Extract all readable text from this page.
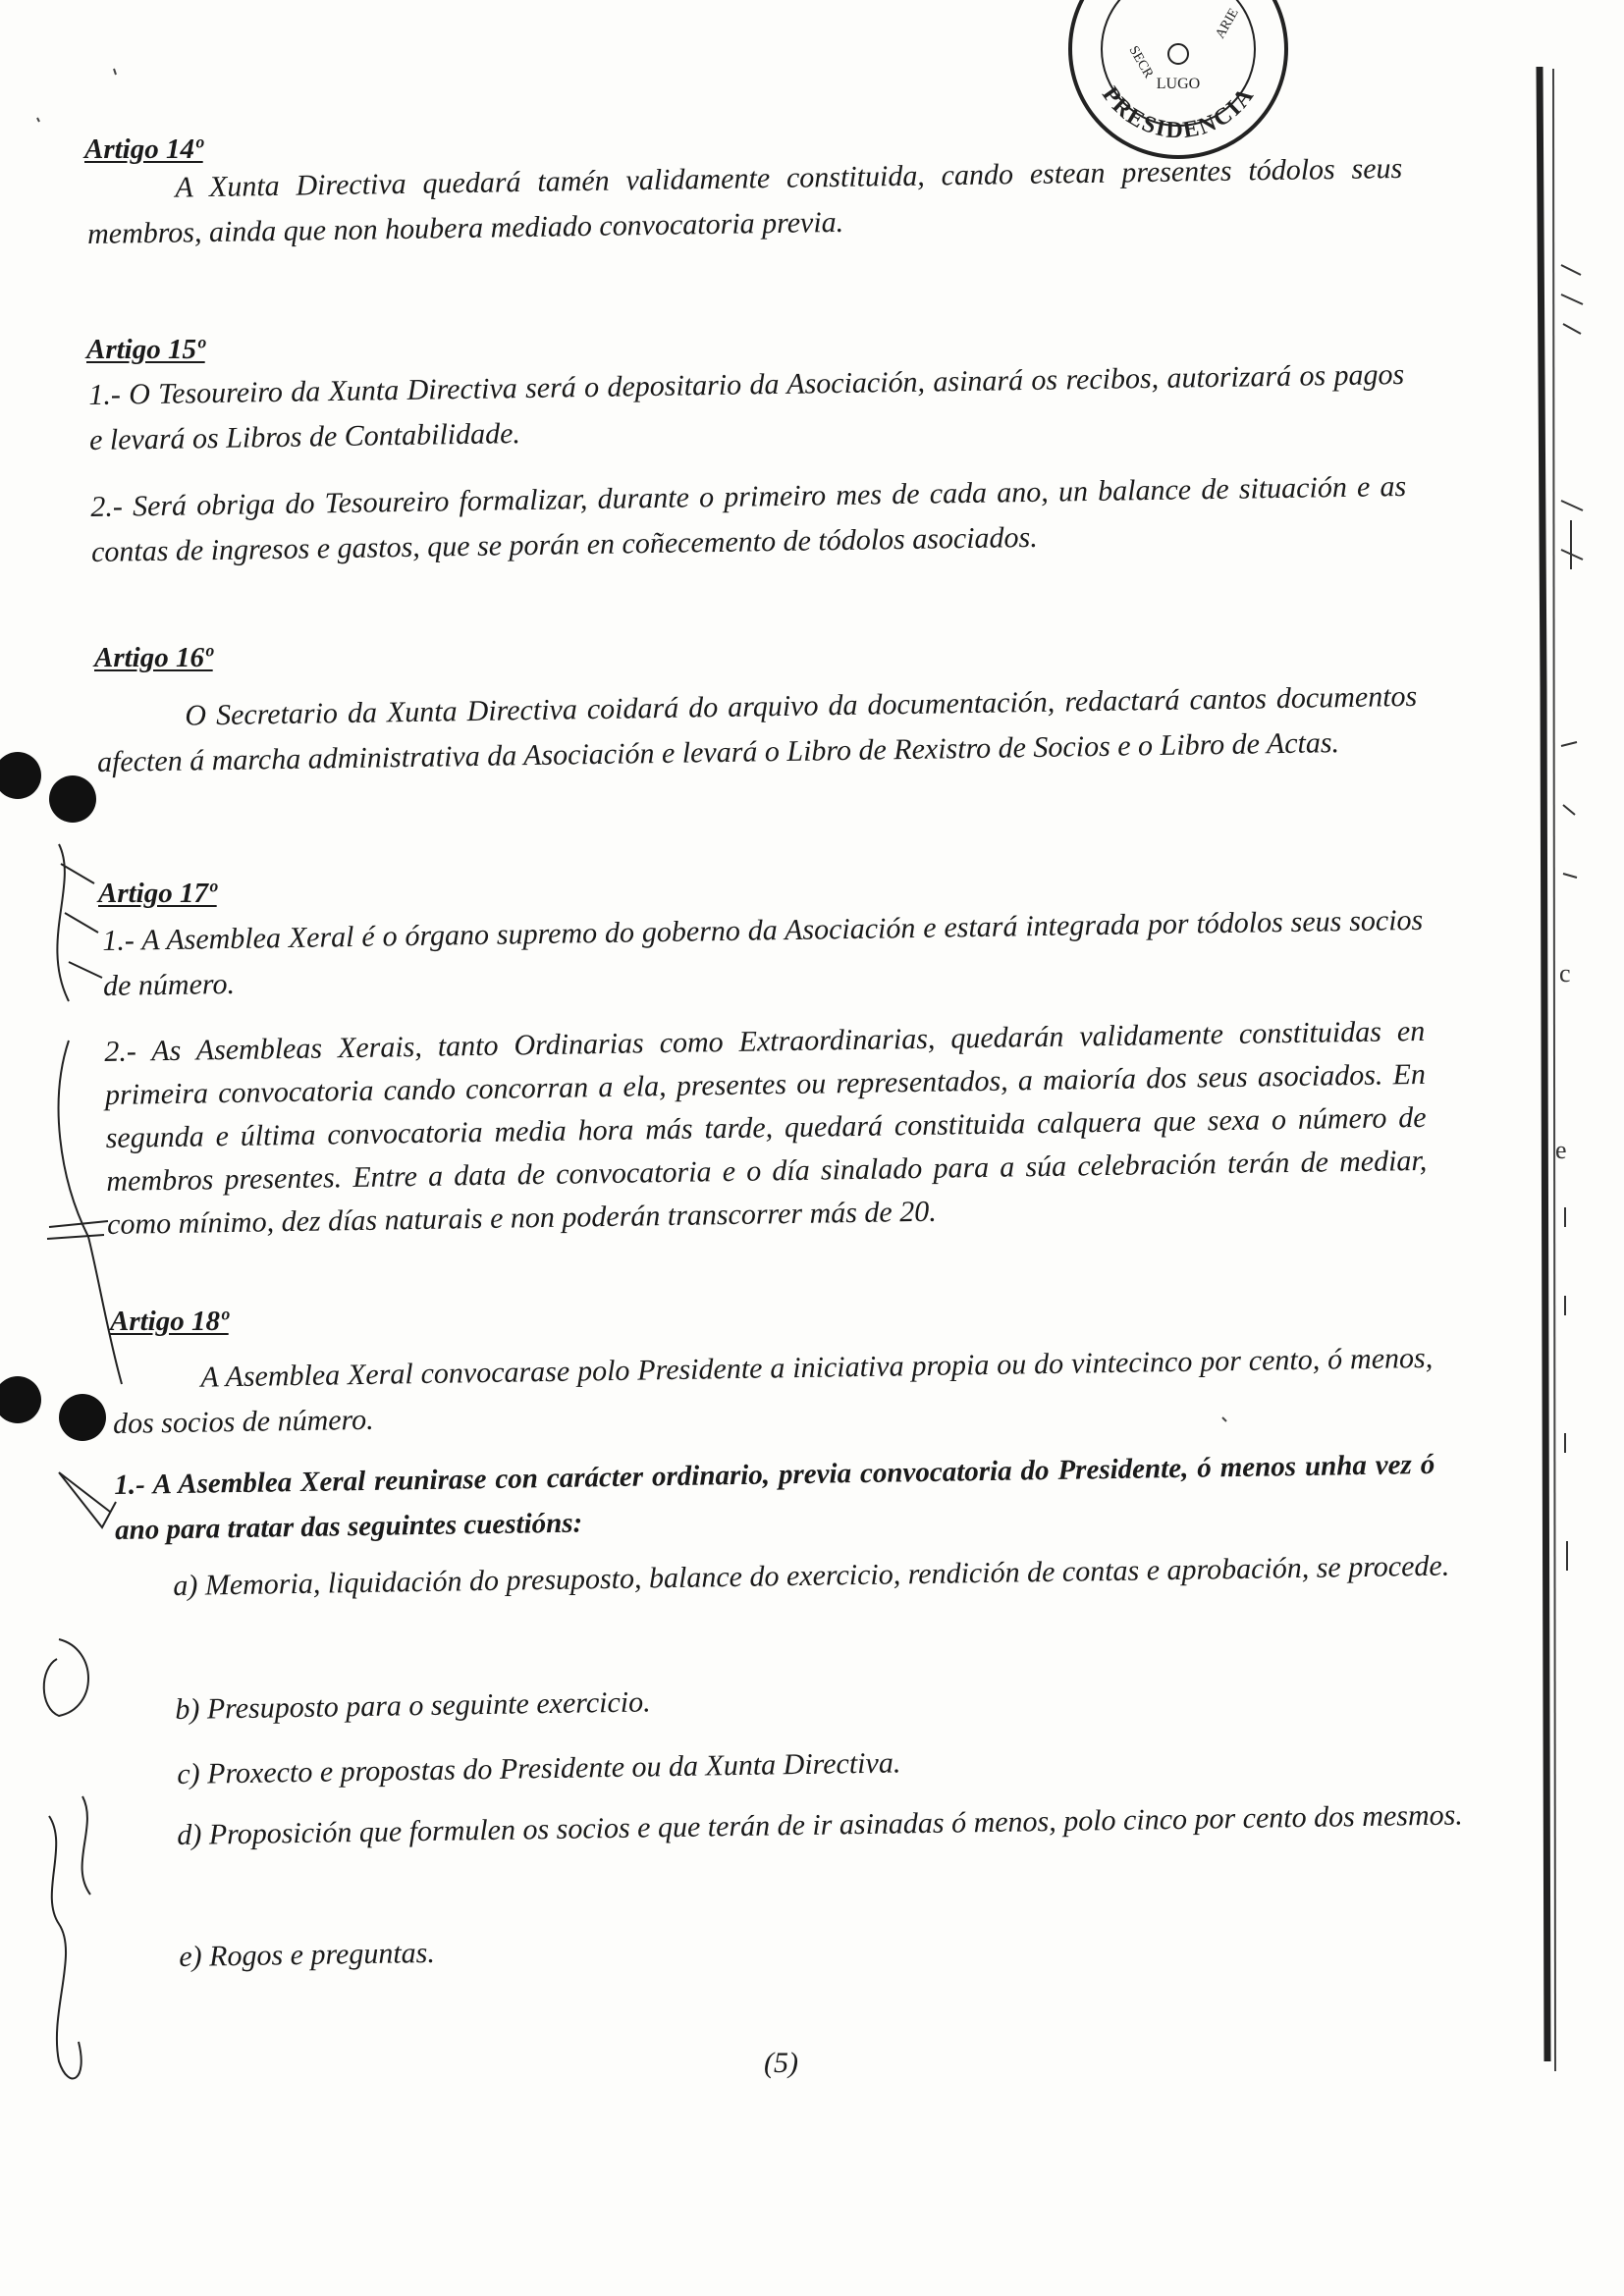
PRESIDENCIA
LUGO
SECR
ARIE
Artigo 14º
A Xunta Directiva quedará tamén validamente constituida, cando estean presentes tódolos seus membros, ainda que non houbera mediado convocatoria previa.
Artigo 15º
1.- O Tesoureiro da Xunta Directiva será o depositario da Asociación, asinará os recibos, autorizará os pagos e levará os Libros de Contabilidade.
2.- Será obriga do Tesoureiro formalizar, durante o primeiro mes de cada ano, un balance de situación e as contas de ingresos e gastos, que se porán en coñecemento de tódolos asociados.
Artigo 16º
O Secretario da Xunta Directiva coidará do arquivo da documentación, redactará cantos documentos afecten á marcha administrativa da Asociación e levará o Libro de Rexistro de Socios e o Libro de Actas.
Artigo 17º
1.- A Asemblea Xeral é o órgano supremo do goberno da Asociación e estará integrada por tódolos seus socios de número.
2.- As Asembleas Xerais, tanto Ordinarias como Extraordinarias, quedarán validamente constituidas en primeira convocatoria cando concorran a ela, presentes ou representados, a maioría dos seus asociados. En segunda e última convocatoria media hora más tarde, quedará constituida calquera que sexa o número de membros presentes. Entre a data de convocatoria e o día sinalado para a súa celebración terán de mediar, como mínimo, dez días naturais e non poderán transcorrer más de 20.
Artigo 18º
A Asemblea Xeral convocarase polo Presidente a iniciativa propia ou do vintecinco por cento, ó menos, dos socios de número.
1.- A Asemblea Xeral reunirase con carácter ordinario, previa convocatoria do Presidente, ó menos unha vez ó ano para tratar das seguintes cuestións:
a) Memoria, liquidación do presuposto, balance do exercicio, rendición de contas e aprobación, se procede.
b) Presuposto para o seguinte exercicio.
c) Proxecto e propostas do Presidente ou da Xunta Directiva.
d) Proposición que formulen os socios e que terán de ir asinadas ó menos, polo cinco por cento dos mesmos.
e) Rogos e preguntas.
(5)
c
e
